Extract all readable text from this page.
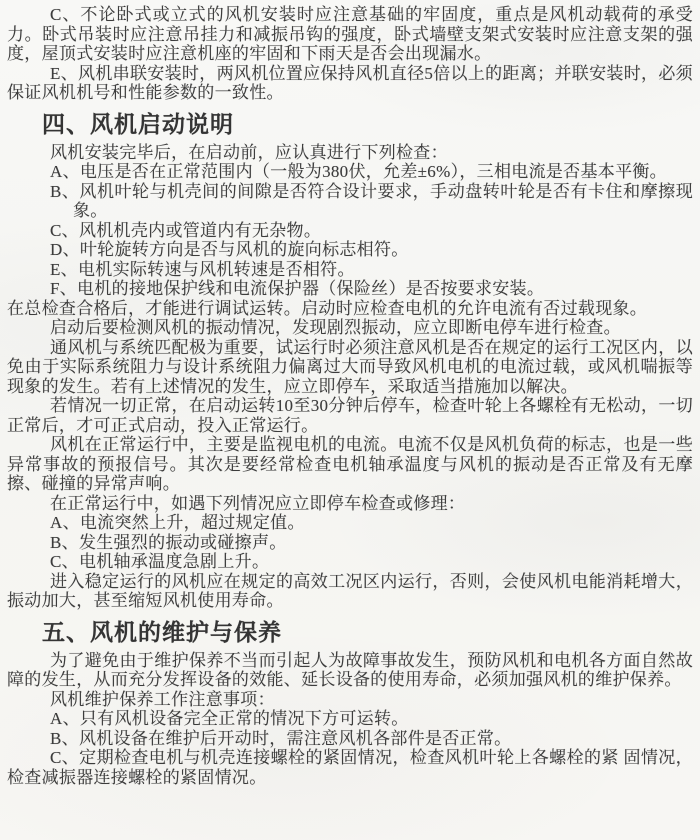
C、不论卧式或立式的风机安装时应注意基础的牢固度，重点是风机动载荷的承受力。卧式吊装时应注意吊挂力和减振吊钩的强度，卧式墙壁支架式安装时应注意支架的强度，屋顶式安装时应注意机座的牢固和下雨天是否会出现漏水。

E、风机串联安装时，两风机位置应保持风机直径5倍以上的距离；并联安装时，必须保证风机机号和性能参数的一致性。

四、风机启动说明

风机安装完毕后，在启动前，应认真进行下列检查：

A、电压是否在正常范围内（一般为380伏，允差±6%），三相电流是否基本平衡。

B、风机叶轮与机壳间的间隙是否符合设计要求，手动盘转叶轮是否有卡住和摩擦现象。

C、风机机壳内或管道内有无杂物。

D、叶轮旋转方向是否与风机的旋向标志相符。

E、电机实际转速与风机转速是否相符。

F、电机的接地保护线和电流保护器（保险丝）是否按要求安装。

在总检查合格后，才能进行调试运转。启动时应检查电机的允许电流有否过载现象。

启动后要检测风机的振动情况，发现剧烈振动，应立即断电停车进行检查。

通风机与系统匹配极为重要，试运行时必须注意风机是否在规定的运行工况区内，以免由于实际系统阻力与设计系统阻力偏离过大而导致风机电机的电流过载，或风机喘振等现象的发生。若有上述情况的发生，应立即停车，采取适当措施加以解决。

若情况一切正常，在启动运转10至30分钟后停车，检查叶轮上各螺栓有无松动，一切正常后，才可正式启动，投入正常运行。

风机在正常运行中，主要是监视电机的电流。电流不仅是风机负荷的标志，也是一些异常事故的预报信号。其次是要经常检查电机轴承温度与风机的振动是否正常及有无摩擦、碰撞的异常声响。

在正常运行中，如遇下列情况应立即停车检查或修理：

A、电流突然上升，超过规定值。

B、发生强烈的振动或碰擦声。

C、电机轴承温度急剧上升。

进入稳定运行的风机应在规定的高效工况区内运行，否则，会使风机电能消耗增大，振动加大，甚至缩短风机使用寿命。

五、风机的维护与保养

为了避免由于维护保养不当而引起人为故障事故发生，预防风机和电机各方面自然故障的发生，从而充分发挥设备的效能、延长设备的使用寿命，必须加强风机的维护保养。

风机维护保养工作注意事项：

A、只有风机设备完全正常的情况下方可运转。

B、风机设备在维护后开动时，需注意风机各部件是否正常。

C、定期检查电机与机壳连接螺栓的紧固情况，检查风机叶轮上各螺栓的紧 固情况，检查减振器连接螺栓的紧固情况。
